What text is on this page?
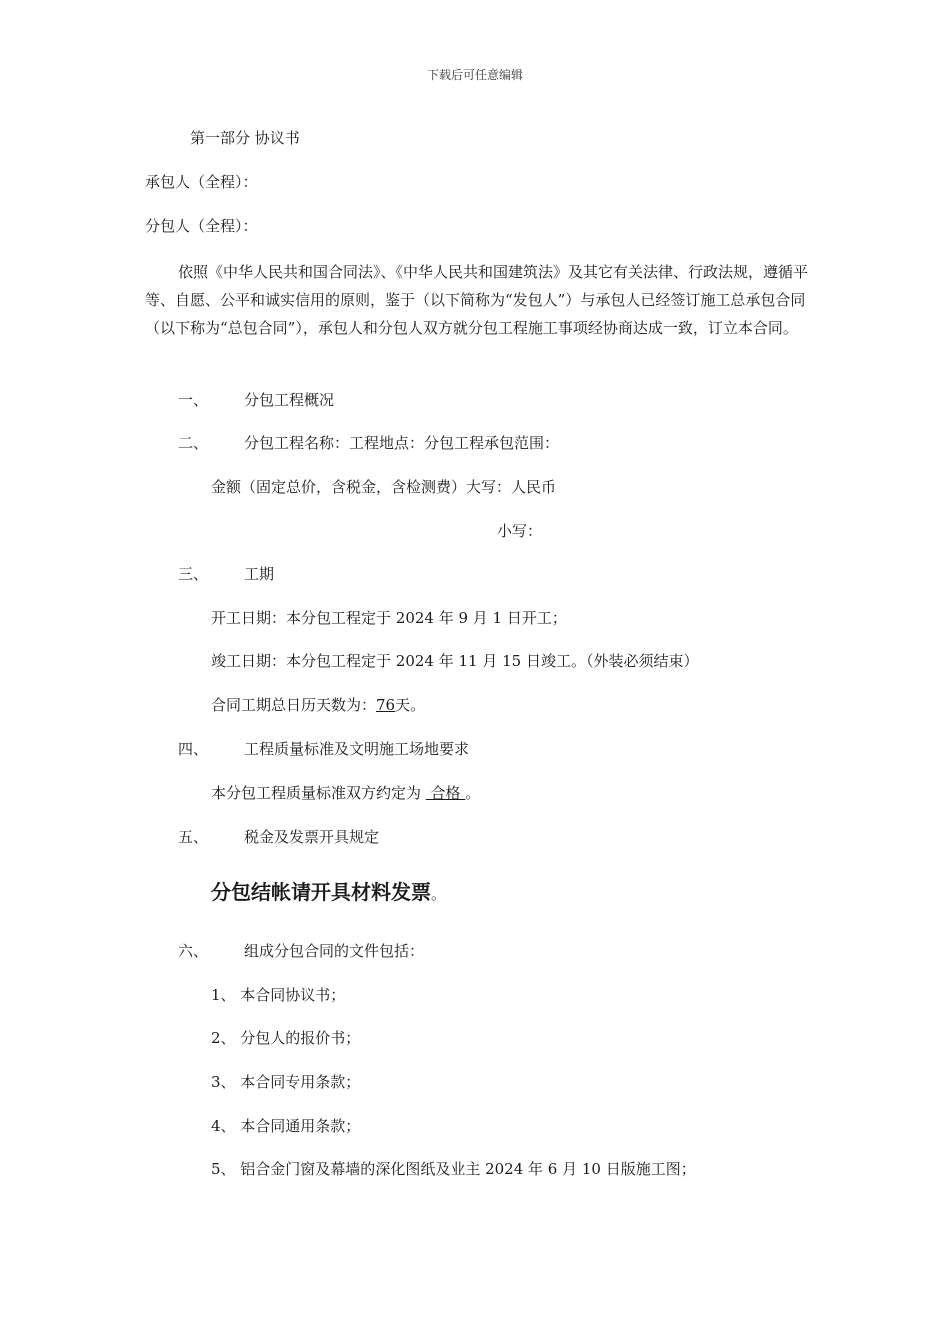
下载后可任意编辑
第一部分 协议书
承包人（全程）：
分包人（全程）：
依照《中华人民共和国合同法》、《中华人民共和国建筑法》及其它有关法律、行政法规，遵循平等、自愿、公平和诚实信用的原则，鉴于（以下简称为“发包人”）与承包人已经签订施工总承包合同（以下称为“总包合同”），承包人和分包人双方就分包工程施工事项经协商达成一致，订立本合同。
一、 分包工程概况
二、 分包工程名称：工程地点：分包工程承包范围：
金额（固定总价，含税金，含检测费）大写：人民币
小写：
三、 工期
开工日期：本分包工程定于 2024 年 9 月 1 日开工；
竣工日期：本分包工程定于 2024 年 11 月 15 日竣工。（外装必须结束）
合同工期总日历天数为：76天。
四、 工程质量标准及文明施工场地要求
本分包工程质量标准双方约定为  合格 。
五、 税金及发票开具规定
分包结帐请开具材料发票。
六、 组成分包合同的文件包括：
1、 本合同协议书；
2、 分包人的报价书；
3、 本合同专用条款；
4、 本合同通用条款；
5、 铝合金门窗及幕墙的深化图纸及业主 2024 年 6 月 10 日版施工图；
